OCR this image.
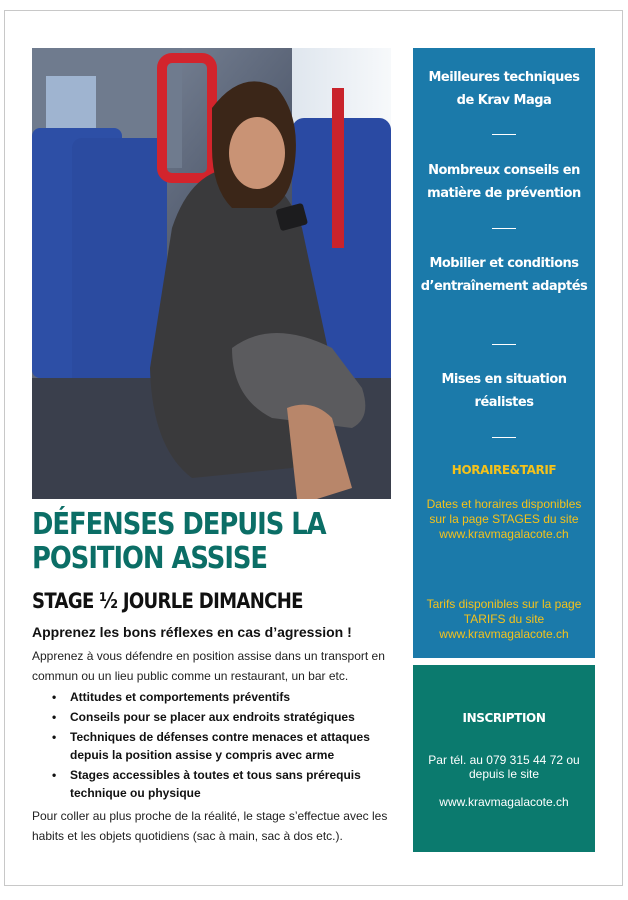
DÉFENSES DEPUIS LA
POSITION ASSISE
STAGE ½ JOURLE DIMANCHE
Apprenez les bons réflexes en cas d’agression !
Apprenez à vous défendre en position assise dans un transport en commun ou un lieu public comme un restaurant, un bar etc.
• Attitudes et comportements préventifs
• Conseils pour se placer aux endroits stratégiques
• Techniques de défenses contre menaces et attaques depuis la position assise y compris avec arme
• Stages accessibles à toutes et tous sans prérequis technique ou physique
Pour coller au plus proche de la réalité, le stage s’effectue avec les habits et les objets quotidiens (sac à main, sac à dos etc.).
Meilleures techniques de Krav Maga
Nombreux conseils en matière de prévention
Mobilier et conditions d’entraînement adaptés
Mises en situation réalistes
HORAIRE&TARIF
Dates et horaires disponibles sur la page STAGES du site
www.kravmagalacote.ch
Tarifs disponibles sur la page TARIFS du site
www.kravmagalacote.ch
INSCRIPTION
Par tél. au 079 315 44 72 ou depuis le site
www.kravmagalacote.ch
